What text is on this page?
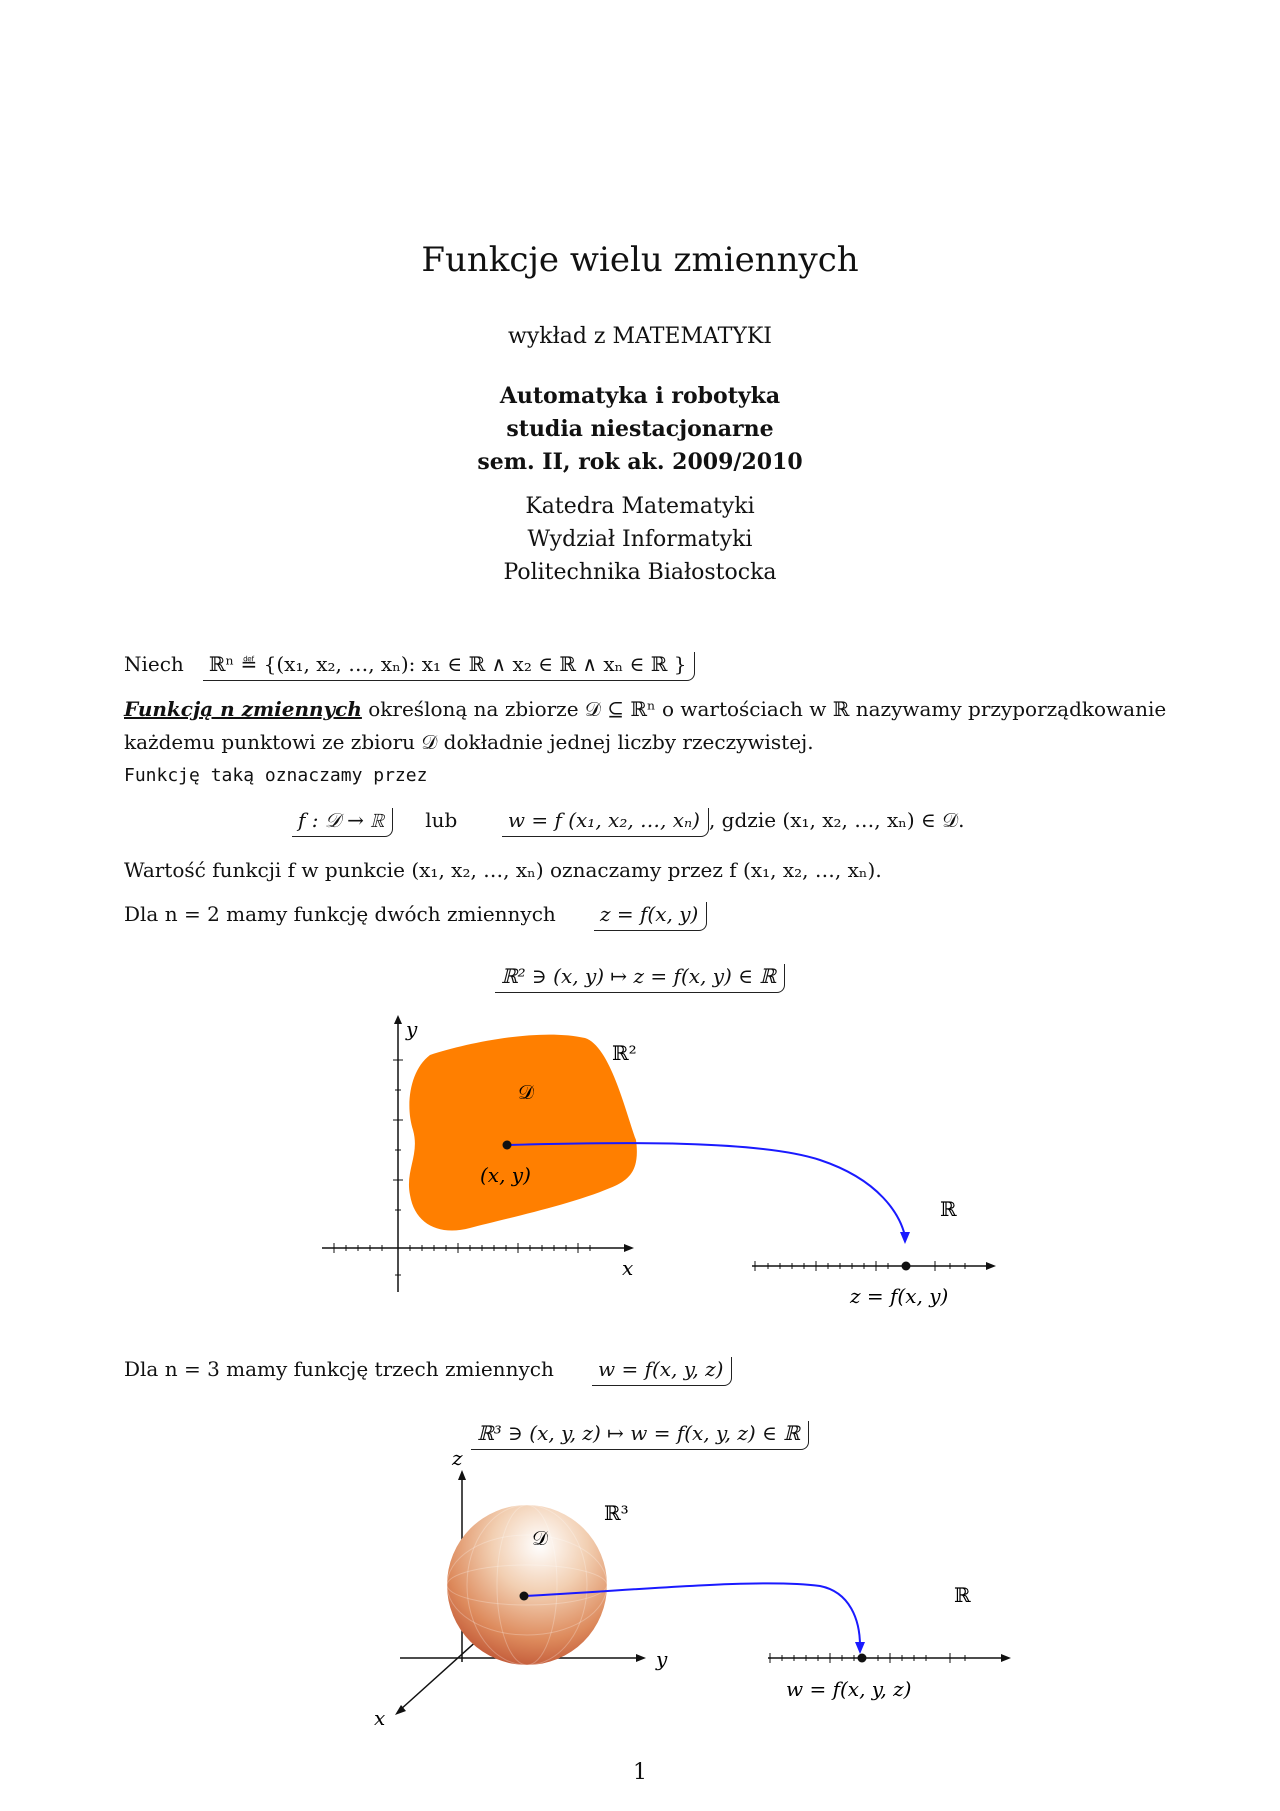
Funkcje wielu zmiennych
wykład z MATEMATYKI
Automatyka i robotyka
studia niestacjonarne
sem. II, rok ak. 2009/2010
Katedra Matematyki
Wydział Informatyki
Politechnika Białostocka
Niech ℝⁿ ≝ {(x₁, x₂, …, xₙ): x₁ ∈ ℝ ∧ x₂ ∈ ℝ ∧ xₙ ∈ ℝ }
Funkcją n zmiennych określoną na zbiorze 𝒟 ⊆ ℝⁿ o wartościach w ℝ nazywamy przyporządkowanie
każdemu punktowi ze zbioru 𝒟 dokładnie jednej liczby rzeczywistej.
Funkcję taką oznaczamy przez
f : 𝒟 → ℝ lub	w = f (x₁, x₂, …, xₙ) , gdzie (x₁, x₂, …, xₙ) ∈ 𝒟.
Wartość funkcji f w punkcie (x₁, x₂, …, xₙ) oznaczamy przez f (x₁, x₂, …, xₙ).
Dla n = 2 mamy funkcję dwóch zmiennych z = f(x, y)
ℝ² ∋ (x, y) ↦ z = f(x, y) ∈ ℝ
y
x
ℝ²
𝒟
(x, y)
ℝ
z = f(x, y)
Dla n = 3 mamy funkcję trzech zmiennych w = f(x, y, z)
ℝ³ ∋ (x, y, z) ↦ w = f(x, y, z) ∈ ℝ
z
y
x
ℝ³
𝒟
ℝ
w = f(x, y, z)
1
